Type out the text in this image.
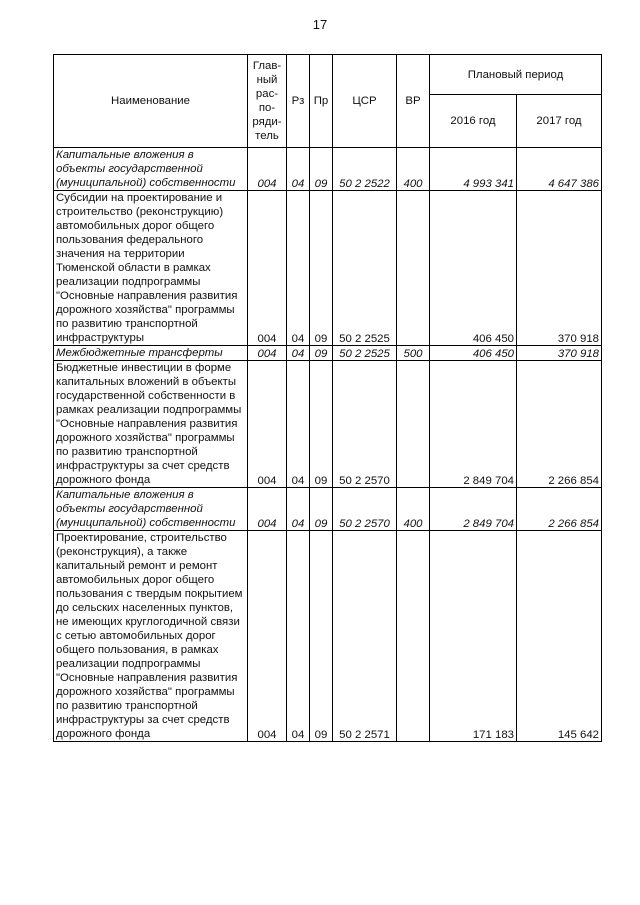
17
Наименование	Глав-ный рас-по-ряди-тель	Рз	Пр	ЦСР	ВР	Плановый период	
						2016 год	2017 год
Капитальные вложения в объекты государственной (муниципальной) собственности	004	04	09	50 2 2522	400	4 993 341	4 647 386
Субсидии на проектирование и строительство (реконструкцию) автомобильных дорог общего пользования федерального значения на территории Тюменской области в рамках реализации подпрограммы "Основные направления развития дорожного хозяйства" программы по развитию транспортной инфраструктуры	004	04	09	50 2 2525		406 450	370 918
Межбюджетные трансферты	004	04	09	50 2 2525	500	406 450	370 918
Бюджетные инвестиции в форме капитальных вложений в объекты государственной собственности в рамках реализации подпрограммы "Основные направления развития дорожного хозяйства" программы по развитию транспортной инфраструктуры за счет средств дорожного фонда	004	04	09	50 2 2570		2 849 704	2 266 854
Капитальные вложения в объекты государственной (муниципальной) собственности	004	04	09	50 2 2570	400	2 849 704	2 266 854
Проектирование, строительство (реконструкция), а также капитальный ремонт и ремонт автомобильных дорог общего пользования с твердым покрытием до сельских населенных пунктов, не имеющих круглогодичной связи с сетью автомобильных дорог общего пользования, в рамках реализации подпрограммы "Основные направления развития дорожного хозяйства" программы по развитию транспортной инфраструктуры за счет средств дорожного фонда	004	04	09	50 2 2571		171 183	145 642
